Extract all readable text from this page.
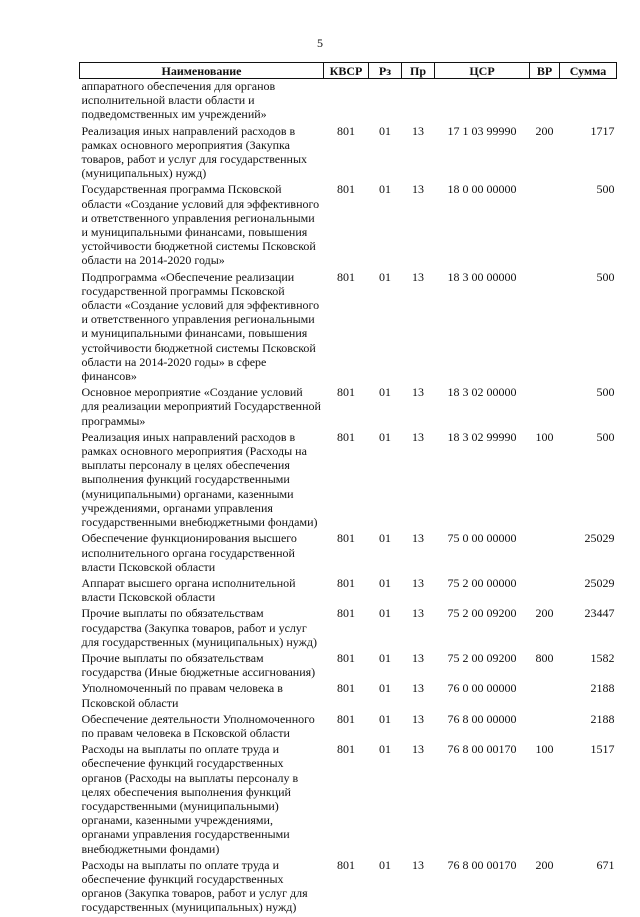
5
Наименование	КВСР	Рз	Пр	ЦСР	ВР	Сумма
аппаратного обеспечения для органов исполнительной власти области и подведомственных им учреждений»						
Реализация иных направлений расходов в рамках основного мероприятия (Закупка товаров, работ и услуг для государственных (муниципальных) нужд)	801	01	13	17 1 03 99990	200	1717
Государственная программа Псковской области «Создание условий для эффективного и ответственного управления региональными и муниципальными финансами, повышения устойчивости бюджетной системы Псковской области на 2014-2020 годы»	801	01	13	18 0 00 00000		500
Подпрограмма «Обеспечение реализации государственной программы Псковской области «Создание условий для эффективного и ответственного управления региональными и муниципальными финансами, повышения устойчивости бюджетной системы Псковской области на 2014-2020 годы» в сфере финансов»	801	01	13	18 3 00 00000		500
Основное мероприятие «Создание условий для реализации мероприятий Государственной программы»	801	01	13	18 3 02 00000		500
Реализация иных направлений расходов в рамках основного мероприятия (Расходы на выплаты персоналу в целях обеспечения выполнения функций государственными (муниципальными) органами, казенными учреждениями, органами управления государственными внебюджетными фондами)	801	01	13	18 3 02 99990	100	500
Обеспечение функционирования высшего исполнительного органа государственной власти Псковской области	801	01	13	75 0 00 00000		25029
Аппарат высшего органа исполнительной власти Псковской области	801	01	13	75 2 00 00000		25029
Прочие выплаты по обязательствам государства (Закупка товаров, работ и услуг для государственных (муниципальных) нужд)	801	01	13	75 2 00 09200	200	23447
Прочие выплаты по обязательствам государства (Иные бюджетные ассигнования)	801	01	13	75 2 00 09200	800	1582
Уполномоченный по правам человека в Псковской области	801	01	13	76 0 00 00000		2188
Обеспечение деятельности Уполномоченного по правам человека в Псковской области	801	01	13	76 8 00 00000		2188
Расходы на выплаты по оплате труда и обеспечение функций государственных органов (Расходы на выплаты персоналу в целях обеспечения выполнения функций государственными (муниципальными) органами, казенными учреждениями, органами управления государственными внебюджетными фондами)	801	01	13	76 8 00 00170	100	1517
Расходы на выплаты по оплате труда и обеспечение функций государственных органов (Закупка товаров, работ и услуг для государственных (муниципальных) нужд)	801	01	13	76 8 00 00170	200	671
